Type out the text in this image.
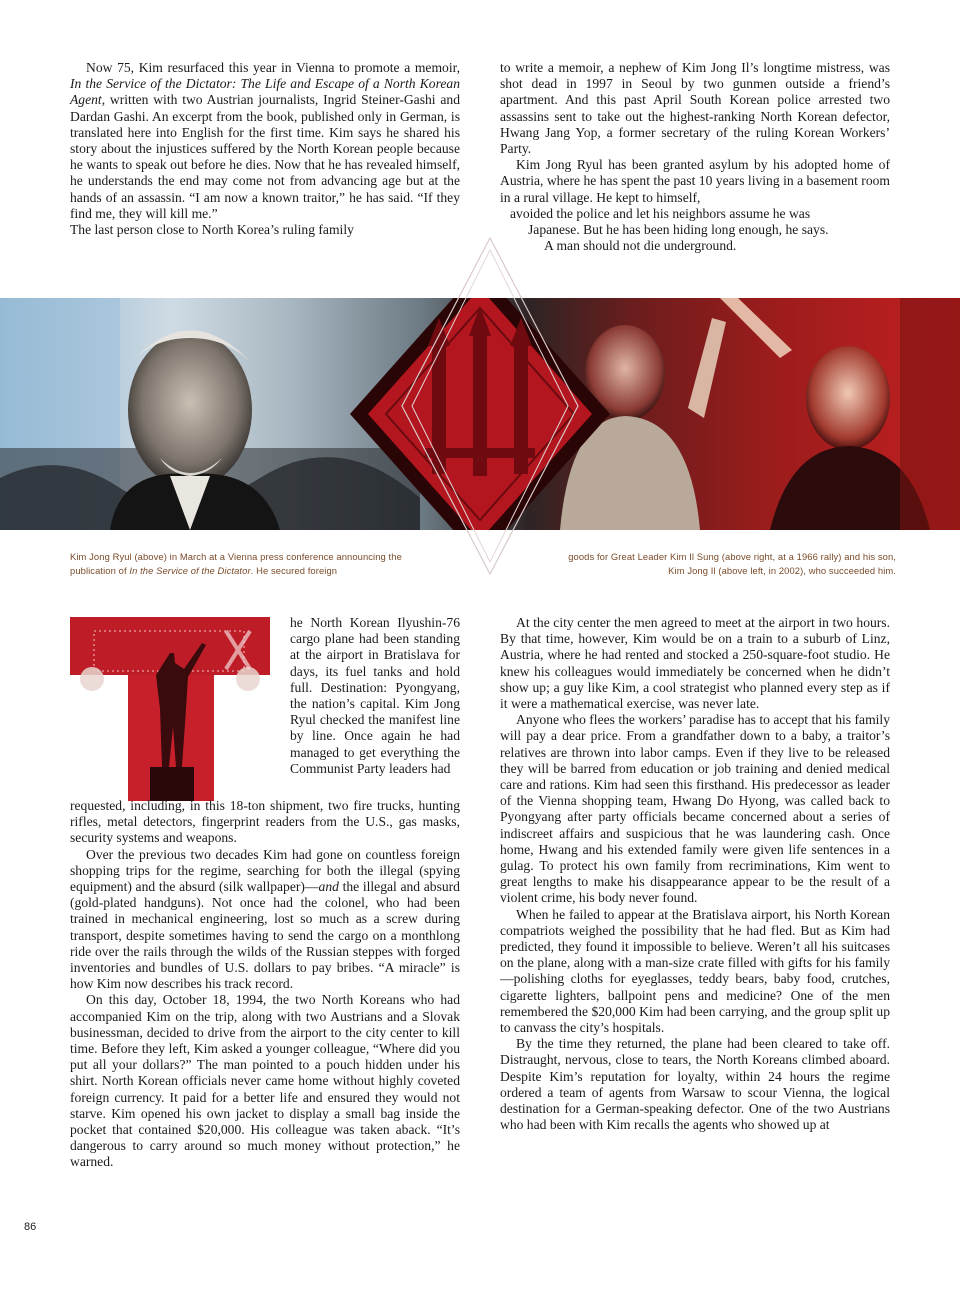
Now 75, Kim resurfaced this year in Vienna to promote a memoir, In the Service of the Dictator: The Life and Escape of a North Korean Agent, written with two Austrian journalists, Ingrid Steiner-Gashi and Dardan Gashi. An excerpt from the book, published only in German, is translated here into English for the first time. Kim says he shared his story about the injustices suffered by the North Korean people because he wants to speak out before he dies. Now that he has revealed himself, he understands the end may come not from advancing age but at the hands of an assassin. “I am now a known traitor,” he has said. “If they find me, they will kill me.”

The last person close to North Korea’s ruling family

to write a memoir, a nephew of Kim Jong Il’s longtime mistress, was shot dead in 1997 in Seoul by two gunmen outside a friend’s apartment. And this past April South Korean police arrested two assassins sent to take out the highest-ranking North Korean defector, Hwang Jang Yop, a former secretary of the ruling Korean Workers’ Party.

Kim Jong Ryul has been granted asylum by his adopted home of Austria, where he has spent the past 10 years living in a basement room in a rural village. He kept to himself,

avoided the police and let his neighbors assume he was

Japanese. But he has been hiding long enough, he says.

A man should not die underground.

Kim Jong Ryul (above) in March at a Vienna press conference announcing the publication of In the Service of the Dictator. He secured foreign
goods for Great Leader Kim Il Sung (above right, at a 1966 rally) and his son, Kim Jong Il (above left, in 2002), who succeeded him.

he North Korean Ilyushin-76 cargo plane had been standing at the airport in Bratislava for days, its fuel tanks and hold full. Destination: Pyongyang, the nation’s capital. Kim Jong Ryul checked the manifest line by line. Once again he had managed to get everything the Communist Party leaders had

requested, including, in this 18-ton shipment, two fire trucks, hunting rifles, metal detectors, fingerprint readers from the U.S., gas masks, security systems and weapons.

Over the previous two decades Kim had gone on countless foreign shopping trips for the regime, searching for both the illegal (spying equipment) and the absurd (silk wallpaper)—and the illegal and absurd (gold-plated handguns). Not once had the colonel, who had been trained in mechanical engineering, lost so much as a screw during transport, despite sometimes having to send the cargo on a monthlong ride over the rails through the wilds of the Russian steppes with forged inventories and bundles of U.S. dollars to pay bribes. “A miracle” is how Kim now describes his track record.

On this day, October 18, 1994, the two North Koreans who had accompanied Kim on the trip, along with two Austrians and a Slovak businessman, decided to drive from the airport to the city center to kill time. Before they left, Kim asked a younger colleague, “Where did you put all your dollars?” The man pointed to a pouch hidden under his shirt. North Korean officials never came home without highly coveted foreign currency. It paid for a better life and ensured they would not starve. Kim opened his own jacket to display a small bag inside the pocket that contained $20,000. His colleague was taken aback. “It’s dangerous to carry around so much money without protection,” he warned.

At the city center the men agreed to meet at the airport in two hours. By that time, however, Kim would be on a train to a suburb of Linz, Austria, where he had rented and stocked a 250-square-foot studio. He knew his colleagues would immediately be concerned when he didn’t show up; a guy like Kim, a cool strategist who planned every step as if it were a mathematical exercise, was never late.

Anyone who flees the workers’ paradise has to accept that his family will pay a dear price. From a grandfather down to a baby, a traitor’s relatives are thrown into labor camps. Even if they live to be released they will be barred from education or job training and denied medical care and rations. Kim had seen this firsthand. His predecessor as leader of the Vienna shopping team, Hwang Do Hyong, was called back to Pyongyang after party officials became concerned about a series of indiscreet affairs and suspicious that he was laundering cash. Once home, Hwang and his extended family were given life sentences in a gulag. To protect his own family from recriminations, Kim went to great lengths to make his disappearance appear to be the result of a violent crime, his body never found.

When he failed to appear at the Bratislava airport, his North Korean compatriots weighed the possibility that he had fled. But as Kim had predicted, they found it impossible to believe. Weren’t all his suitcases on the plane, along with a man-size crate filled with gifts for his family—polishing cloths for eyeglasses, teddy bears, baby food, crutches, cigarette lighters, ballpoint pens and medicine? One of the men remembered the $20,000 Kim had been carrying, and the group split up to canvass the city’s hospitals.

By the time they returned, the plane had been cleared to take off. Distraught, nervous, close to tears, the North Koreans climbed aboard. Despite Kim’s reputation for loyalty, within 24 hours the regime ordered a team of agents from Warsaw to scour Vienna, the logical destination for a German-speaking defector. One of the two Austrians who had been with Kim recalls the agents who showed up at

86
